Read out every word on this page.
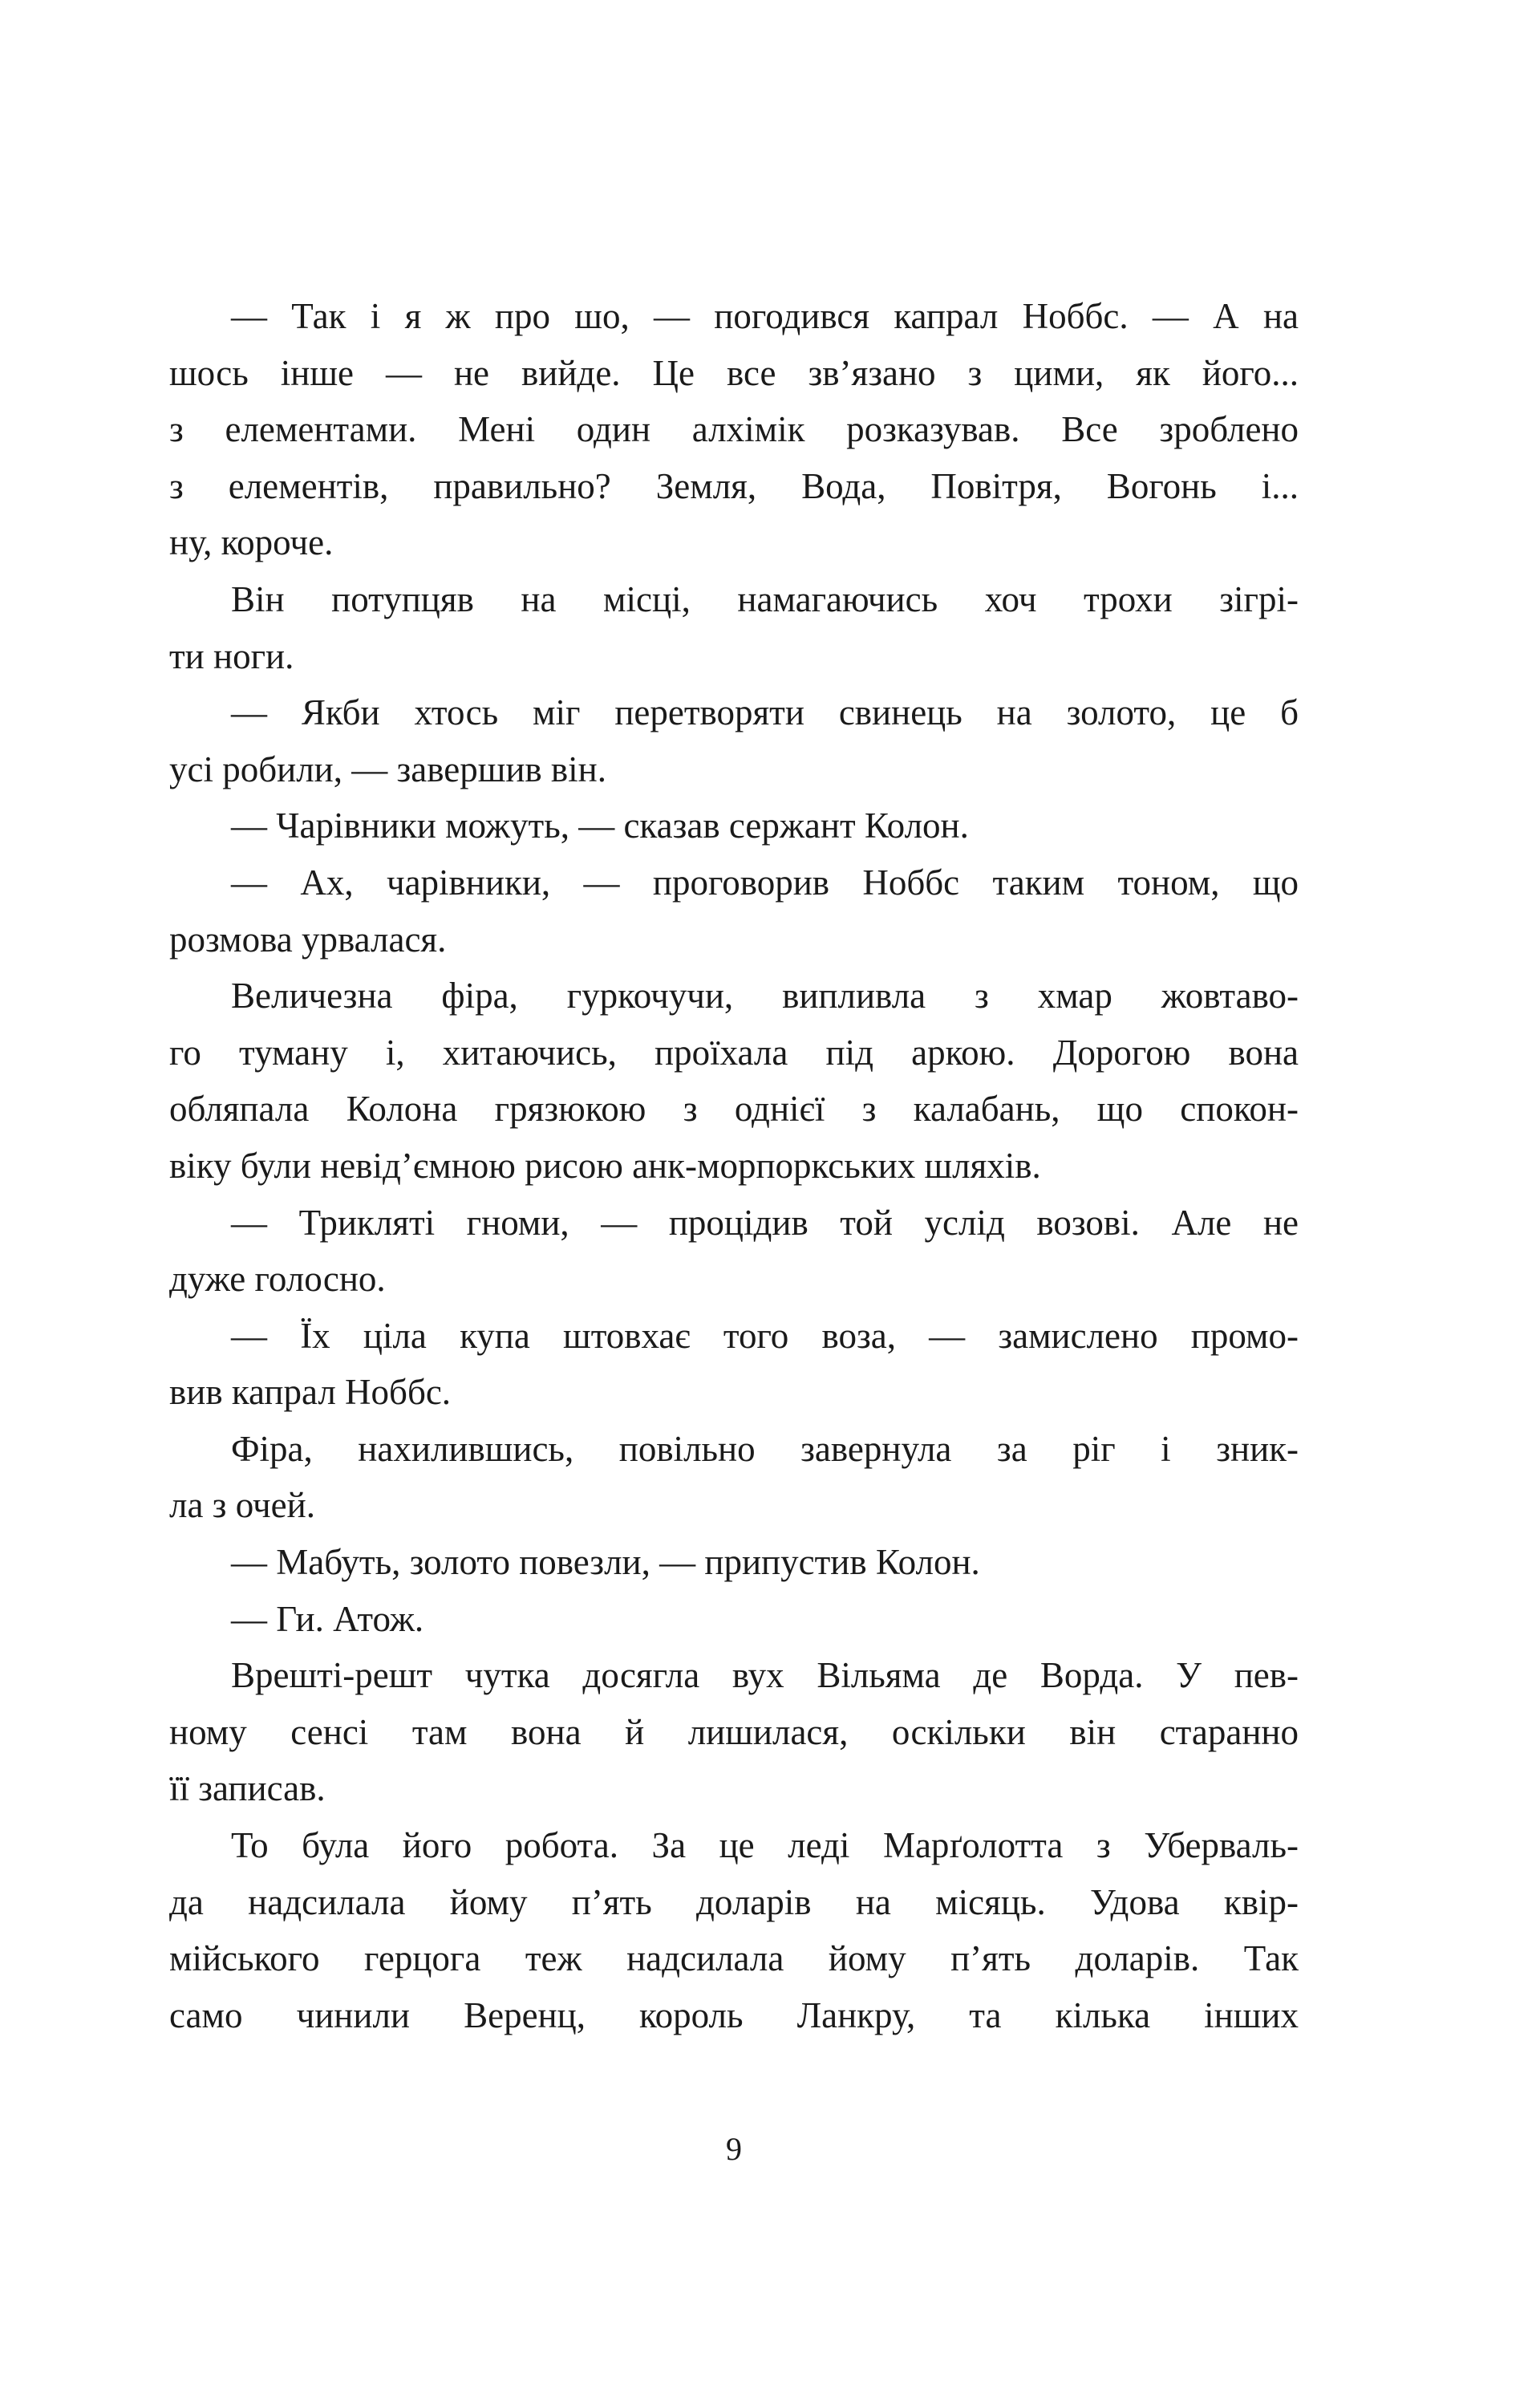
— Так і я ж про шо, — погодився капрал Ноббс. — А на
шось інше — не вийде. Це все зв’язано з цими, як його...
з елементами. Мені один алхімік розказував. Все зроблено
з елементів, правильно? Земля, Вода, Повітря, Вогонь і...
ну, короче.
Він потупцяв на місці, намагаючись хоч трохи зігрі-
ти ноги.
— Якби хтось міг перетворяти свинець на золото, це б
усі робили, — завершив він.
— Чарівники можуть, — сказав сержант Колон.
— Ах, чарівники, — проговорив Ноббс таким тоном, що
розмова урвалася.
Величезна фіра, гуркочучи, випливла з хмар жовтаво-
го туману і, хитаючись, проїхала під аркою. Дорогою вона
обляпала Колона грязюкою з однієї з калабань, що спокон-
віку були невід’ємною рисою анк-морпоркських шляхів.
— Трикляті гноми, — процідив той услід возові. Але не
дуже голосно.
— Їх ціла купа штовхає того воза, — замислено промо-
вив капрал Ноббс.
Фіра, нахилившись, повільно завернула за ріг і зник-
ла з очей.
— Мабуть, золото повезли, — припустив Колон.
— Ги. Атож.
Врешті-решт чутка досягла вух Вільяма де Ворда. У пев-
ному сенсі там вона й лишилася, оскільки він старанно
її записав.
То була його робота. За це леді Марґолотта з Уберваль-
да надсилала йому п’ять доларів на місяць. Удова квір-
мійського герцога теж надсилала йому п’ять доларів. Так
само чинили Веренц, король Ланкру, та кілька інших
9
